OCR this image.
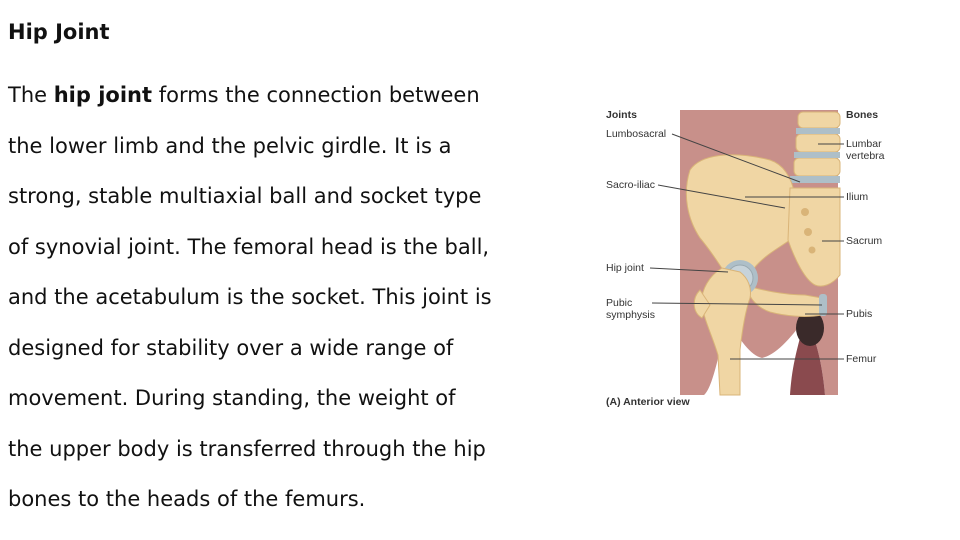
Hip Joint
The hip joint forms the connection between
the lower limb and the pelvic girdle. It is a
strong, stable multiaxial ball and socket type
of synovial joint. The femoral head is the ball,
and the acetabulum is the socket. This joint is
designed for stability over a wide range of
movement. During standing, the weight of
the upper body is transferred through the hip
bones to the heads of the femurs.
Joints	Bones
Lumbosacral
Sacro-iliac
Hip joint
Pubic
symphysis
Lumbar
vertebra
Ilium
Sacrum
Pubis
Femur
(A) Anterior view
